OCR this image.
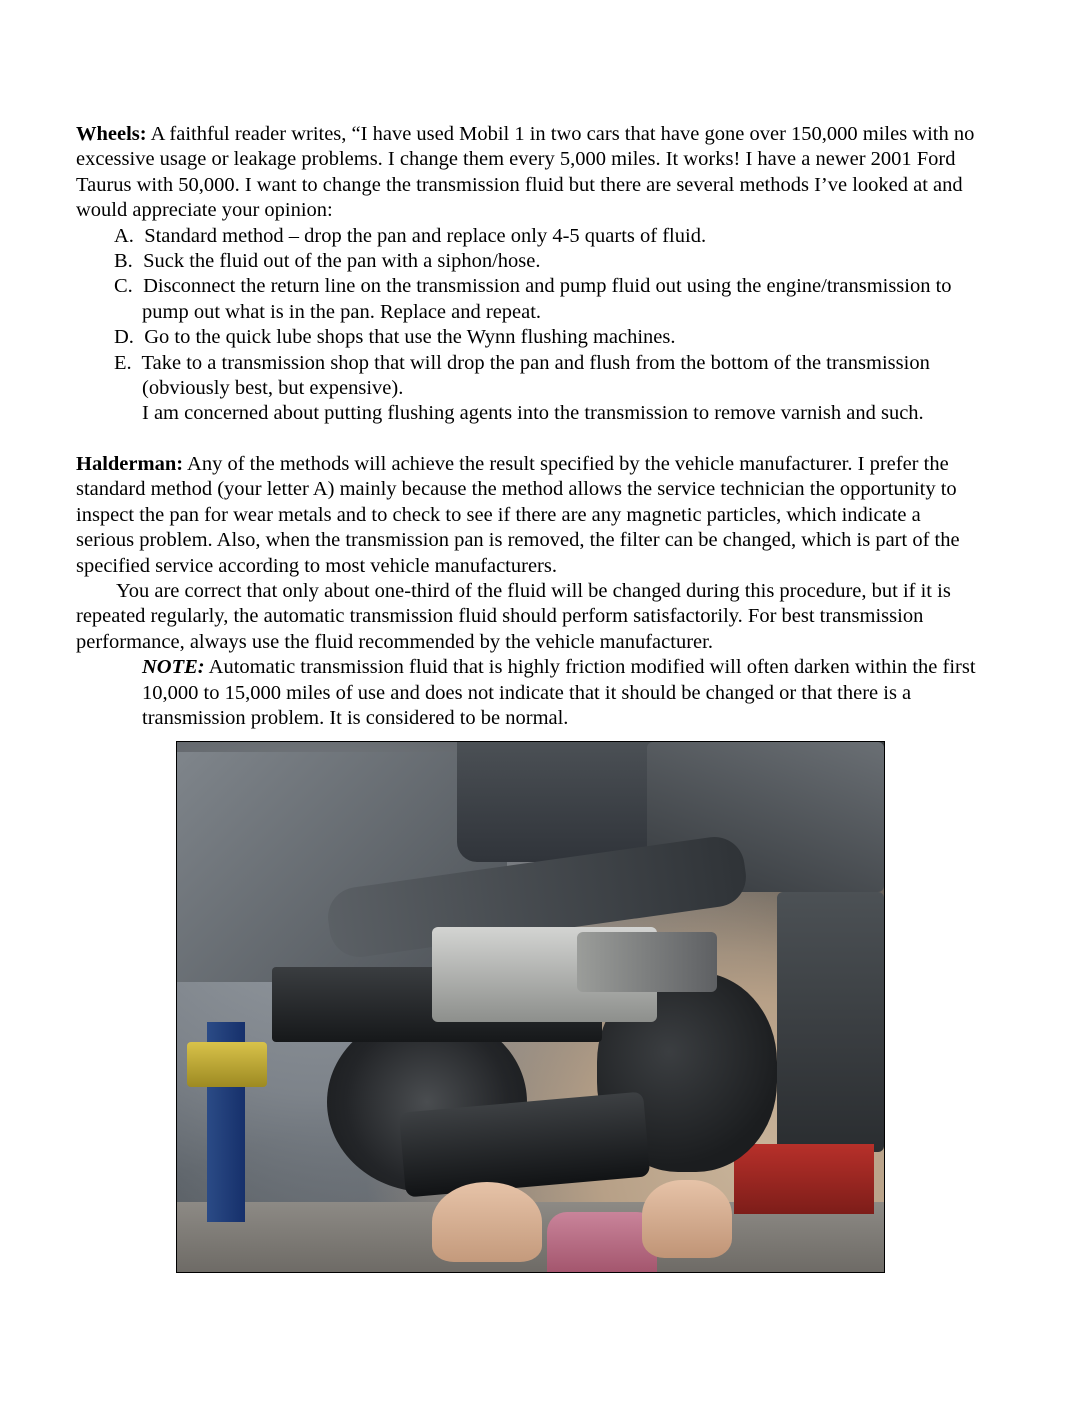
Wheels: A faithful reader writes, “I have used Mobil 1 in two cars that have gone over 150,000 miles with no excessive usage or leakage problems. I change them every 5,000 miles. It works! I have a newer 2001 Ford Taurus with 50,000. I want to change the transmission fluid but there are several methods I’ve looked at and would appreciate your opinion:

A. Standard method – drop the pan and replace only 4-5 quarts of fluid.
B. Suck the fluid out of the pan with a siphon/hose.
C. Disconnect the return line on the transmission and pump fluid out using the engine/transmission to pump out what is in the pan. Replace and repeat.
D. Go to the quick lube shops that use the Wynn flushing machines.
E. Take to a transmission shop that will drop the pan and flush from the bottom of the transmission (obviously best, but expensive).

I am concerned about putting flushing agents into the transmission to remove varnish and such.

Halderman: Any of the methods will achieve the result specified by the vehicle manufacturer. I prefer the standard method (your letter A) mainly because the method allows the service technician the opportunity to inspect the pan for wear metals and to check to see if there are any magnetic particles, which indicate a serious problem. Also, when the transmission pan is removed, the filter can be changed, which is part of the specified service according to most vehicle manufacturers.

You are correct that only about one-third of the fluid will be changed during this procedure, but if it is repeated regularly, the automatic transmission fluid should perform satisfactorily. For best transmission performance, always use the fluid recommended by the vehicle manufacturer.

NOTE: Automatic transmission fluid that is highly friction modified will often darken within the first 10,000 to 15,000 miles of use and does not indicate that it should be changed or that there is a transmission problem. It is considered to be normal.
